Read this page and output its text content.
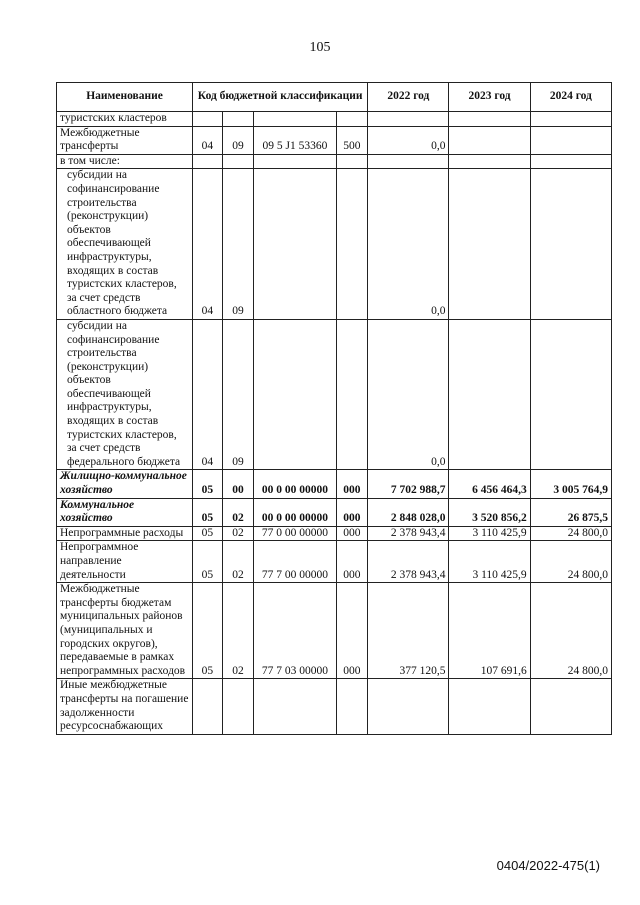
105
Наименование	Код бюджетной классификации				2022 год	2023 год	2024 год
туристских кластеров							
Межбюджетные трансферты	04	09	09 5 J1 53360	500	0,0		
в том числе:							
субсидии на софинансирование строительства (реконструкции) объектов обеспечивающей инфраструктуры, входящих в состав туристских кластеров, за счет средств областного бюджета	04	09			0,0		
субсидии на софинансирование строительства (реконструкции) объектов обеспечивающей инфраструктуры, входящих в состав туристских кластеров, за счет средств федерального бюджета	04	09			0,0		
Жилищно-коммунальное хозяйство	05	00	00 0 00 00000	000	7 702 988,7	6 456 464,3	3 005 764,9
Коммунальное хозяйство	05	02	00 0 00 00000	000	2 848 028,0	3 520 856,2	26 875,5
Непрограммные расходы	05	02	77 0 00 00000	000	2 378 943,4	3 110 425,9	24 800,0
Непрограммное направление деятельности	05	02	77 7 00 00000	000	2 378 943,4	3 110 425,9	24 800,0
Межбюджетные трансферты бюджетам муниципальных районов (муниципальных и городских округов), передаваемые в рамках непрограммных расходов	05	02	77 7 03 00000	000	377 120,5	107 691,6	24 800,0
Иные межбюджетные трансферты на погашение задолженности ресурсоснабжающих							
0404/2022-475(1)
